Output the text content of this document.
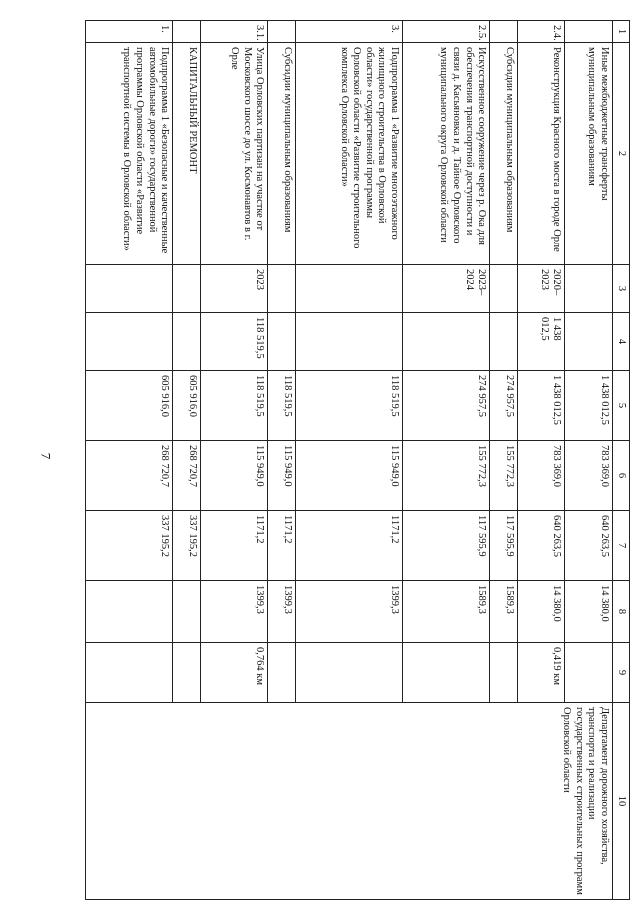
7
1	2	3	4	5	6	7	8	9	10
	Иные межбюджетные трансферты муниципальным образованиям			1 438 012,5	783 369,0	640 263,5	14 380,0		Департамент дорожного хозяйства, транспорта и реализации государственных строительных программ Орловской области
2.4.	Реконструкция Красного моста в городе Орле	2020–2023	1 438 012,5	1 438 012,5	783 369,0	640 263,5	14 380,0	0,419 км	
	Субсидии муниципальным образованиям			274 957,5	155 772,3	117 595,9	1589,3		
2.5.	Искусственное сооружение через р. Ока для обеспечения транспортной доступности и связи д. Касьяновка и д. Тайное Орловского муниципального округа Орловской области	2023–2024		274 957,5	155 772,3	117 595,9	1589,3		
3.	Подпрограмма 1 «Развитие многоэтажного жилищного строительства в Орловской области» государственной программы Орловской области «Развитие строительного комплекса Орловской области»			118 519,5	115 949,0	1171,2	1399,3		
	Субсидии муниципальным образованиям			118 519,5	115 949,0	1171,2	1399,3		
3.1.	Улица Орловских партизан на участке от Московского шоссе до ул. Космонавтов в г. Орле	2023	118 519,5	118 519,5	115 949,0	1171,2	1399,3	0,764 км	
	КАПИТАЛЬНЫЙ РЕМОНТ			605 916,0	268 720,7	337 195,2			
1.	Подпрограмма 1 «Безопасные и качественные автомобильные дороги» государственной программы Орловской области «Развитие транспортной системы в Орловской области»			605 916,0	268 720,7	337 195,2			
